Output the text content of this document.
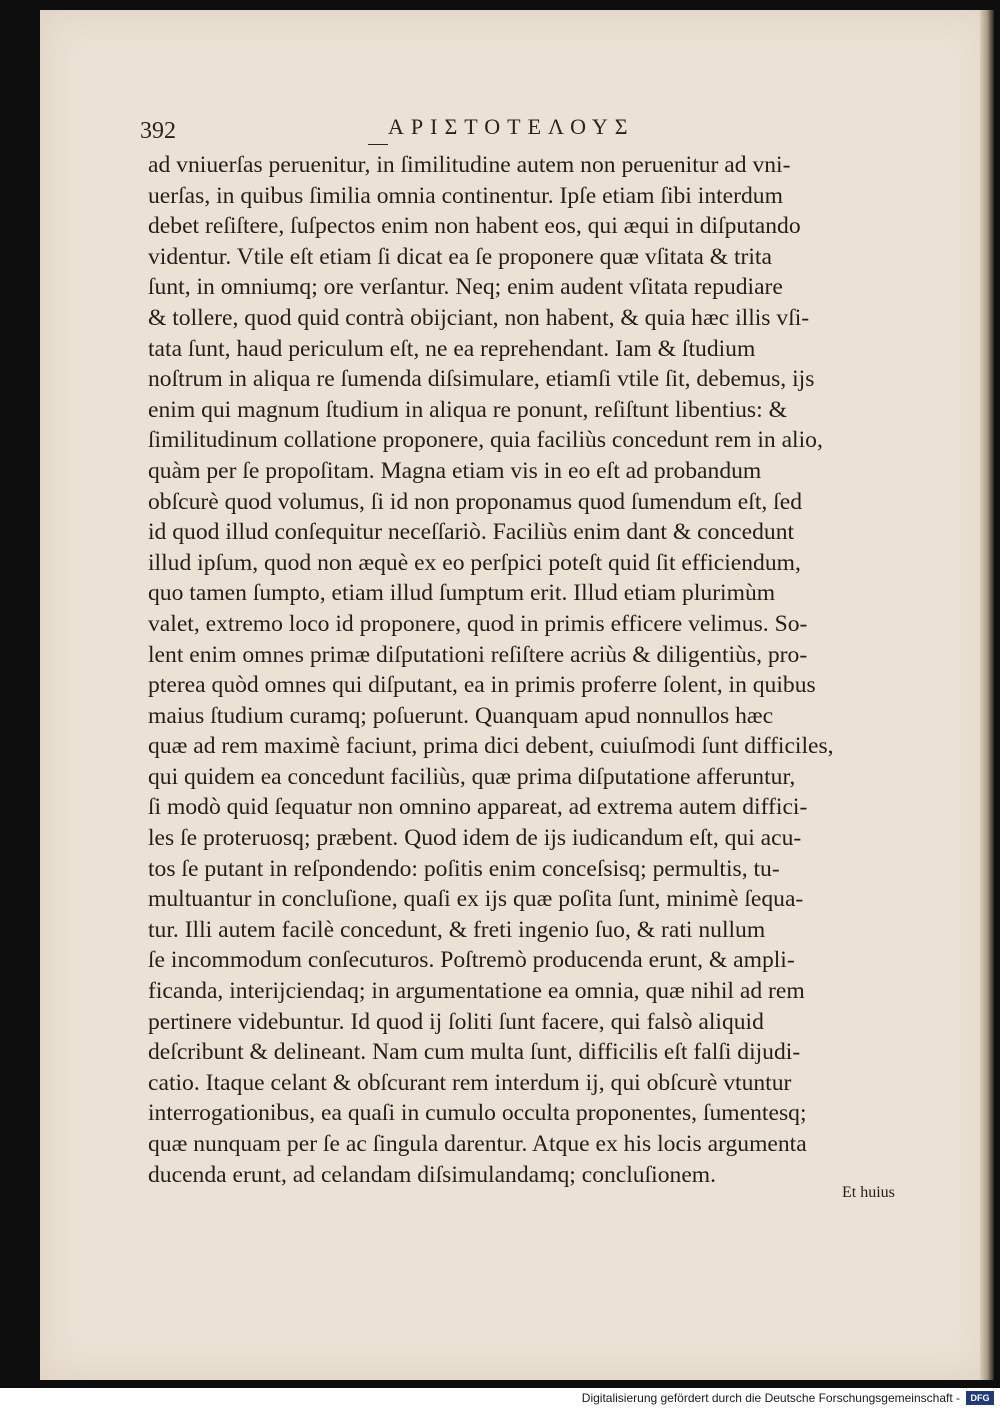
392	ΑΡΙΣΤΟΤΕΛΟΥΣ
ad vniuerſas peruenitur, in ſimilitudine autem non peruenitur ad vni-
uerſas, in quibus ſimilia omnia continentur. Ipſe etiam ſibi interdum
debet reſiſtere, ſuſpectos enim non habent eos, qui æqui in diſputando
videntur. Vtile eſt etiam ſi dicat ea ſe proponere quæ vſitata & trita
ſunt, in omniumq; ore verſantur. Neq; enim audent vſitata repudiare
& tollere, quod quid contrà obijciant, non habent, & quia hæc illis vſi-
tata ſunt, haud periculum eſt, ne ea reprehendant. Iam & ſtudium
noſtrum in aliqua re ſumenda diſsimulare, etiamſi vtile ſit, debemus, ijs
enim qui magnum ſtudium in aliqua re ponunt, reſiſtunt libentius: &
ſimilitudinum collatione proponere, quia faciliùs concedunt rem in alio,
quàm per ſe propoſitam. Magna etiam vis in eo eſt ad probandum
obſcurè quod volumus, ſi id non proponamus quod ſumendum eſt, ſed
id quod illud conſequitur neceſſariò. Faciliùs enim dant & concedunt
illud ipſum, quod non æquè ex eo perſpici poteſt quid ſit efficiendum,
quo tamen ſumpto, etiam illud ſumptum erit. Illud etiam plurimùm
valet, extremo loco id proponere, quod in primis efficere velimus. So-
lent enim omnes primæ diſputationi reſiſtere acriùs & diligentiùs, pro-
pterea quòd omnes qui diſputant, ea in primis proferre ſolent, in quibus
maius ſtudium curamq; poſuerunt. Quanquam apud nonnullos hæc
quæ ad rem maximè faciunt, prima dici debent, cuiuſmodi ſunt difficiles,
qui quidem ea concedunt faciliùs, quæ prima diſputatione afferuntur,
ſi modò quid ſequatur non omnino appareat, ad extrema autem diffici-
les ſe proteruosq; præbent. Quod idem de ijs iudicandum eſt, qui acu-
tos ſe putant in reſpondendo: poſitis enim conceſsisq; permultis, tu-
multuantur in concluſione, quaſi ex ijs quæ poſita ſunt, minimè ſequa-
tur. Illi autem facilè concedunt, & freti ingenio ſuo, & rati nullum
ſe incommodum conſecuturos. Poſtremò producenda erunt, & ampli-
ficanda, interijciendaq; in argumentatione ea omnia, quæ nihil ad rem
pertinere videbuntur. Id quod ij ſoliti ſunt facere, qui falsò aliquid
deſcribunt & delineant. Nam cum multa ſunt, difficilis eſt falſi dijudi-
catio. Itaque celant & obſcurant rem interdum ij, qui obſcurè vtuntur
interrogationibus, ea quaſi in cumulo occulta proponentes, ſumentesq;
quæ nunquam per ſe ac ſingula darentur. Atque ex his locis argumenta
ducenda erunt, ad celandam diſsimulandamq; concluſionem.
Et huius
Digitalisierung gefördert durch die Deutsche Forschungsgemeinschaft -	DFG
